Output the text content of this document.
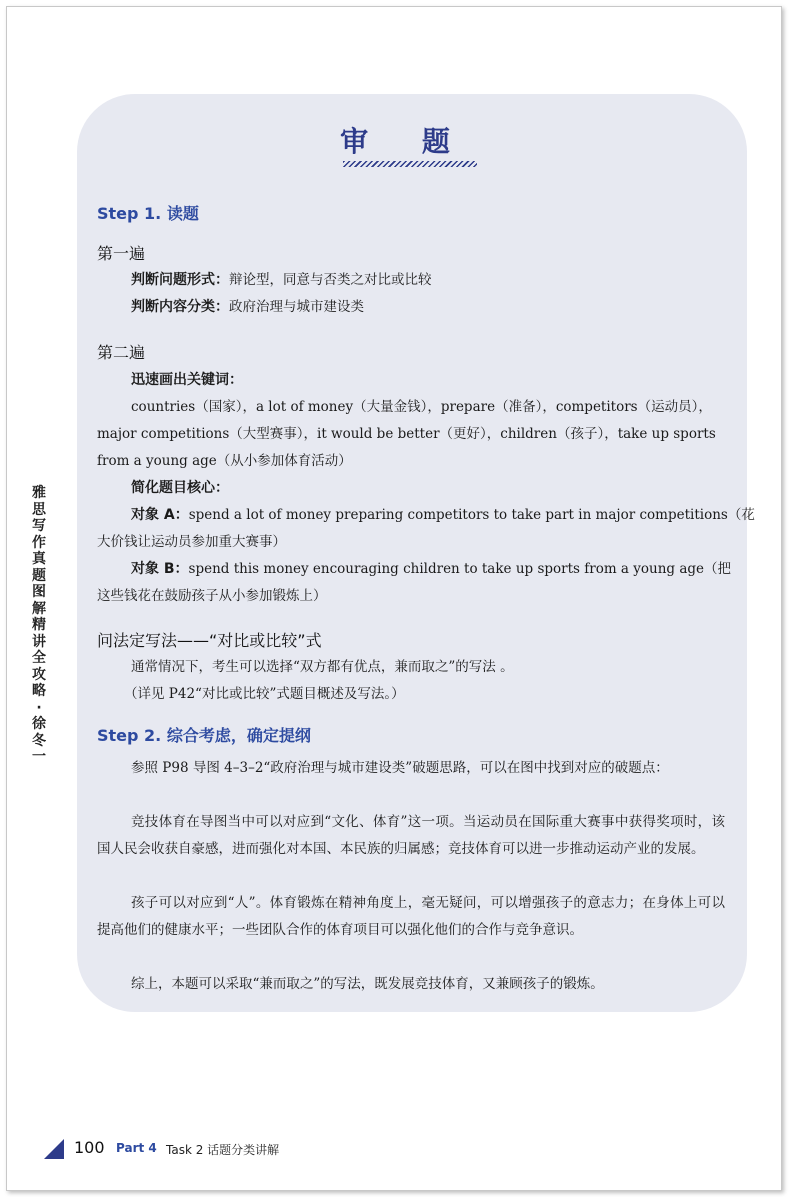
审 题
Step 1. 读题
第一遍
判断问题形式：辩论型，同意与否类之对比或比较
判断内容分类：政府治理与城市建设类
第二遍
迅速画出关键词：
countries（国家），a lot of money（大量金钱），prepare（准备），competitors（运动员），
major competitions（大型赛事），it would be better（更好），children（孩子），take up sports
from a young age（从小参加体育活动）
简化题目核心：
对象 A：spend a lot of money preparing competitors to take part in major competitions（花
大价钱让运动员参加重大赛事）
对象 B：spend this money encouraging children to take up sports from a young age（把
这些钱花在鼓励孩子从小参加锻炼上）
问法定写法——“对比或比较”式
通常情况下，考生可以选择“双方都有优点，兼而取之”的写法 。
（详见 P42“对比或比较”式题目概述及写法。）
Step 2. 综合考虑，确定提纲
参照 P98 导图 4–3–2“政府治理与城市建设类”破题思路，可以在图中找到对应的破题点：
竞技体育在导图当中可以对应到“文化、体育”这一项。当运动员在国际重大赛事中获得奖项时，该国人民会收获自豪感，进而强化对本国、本民族的归属感；竞技体育可以进一步推动运动产业的发展。
孩子可以对应到“人”。体育锻炼在精神角度上，毫无疑问，可以增强孩子的意志力；在身体上可以提高他们的健康水平；一些团队合作的体育项目可以强化他们的合作与竞争意识。
综上，本题可以采取“兼而取之”的写法，既发展竞技体育，又兼顾孩子的锻炼。
雅
思
写
作
真
题
图
解
精
讲
全
攻
略
·
徐
冬
一
100 Part 4 Task 2 话题分类讲解
